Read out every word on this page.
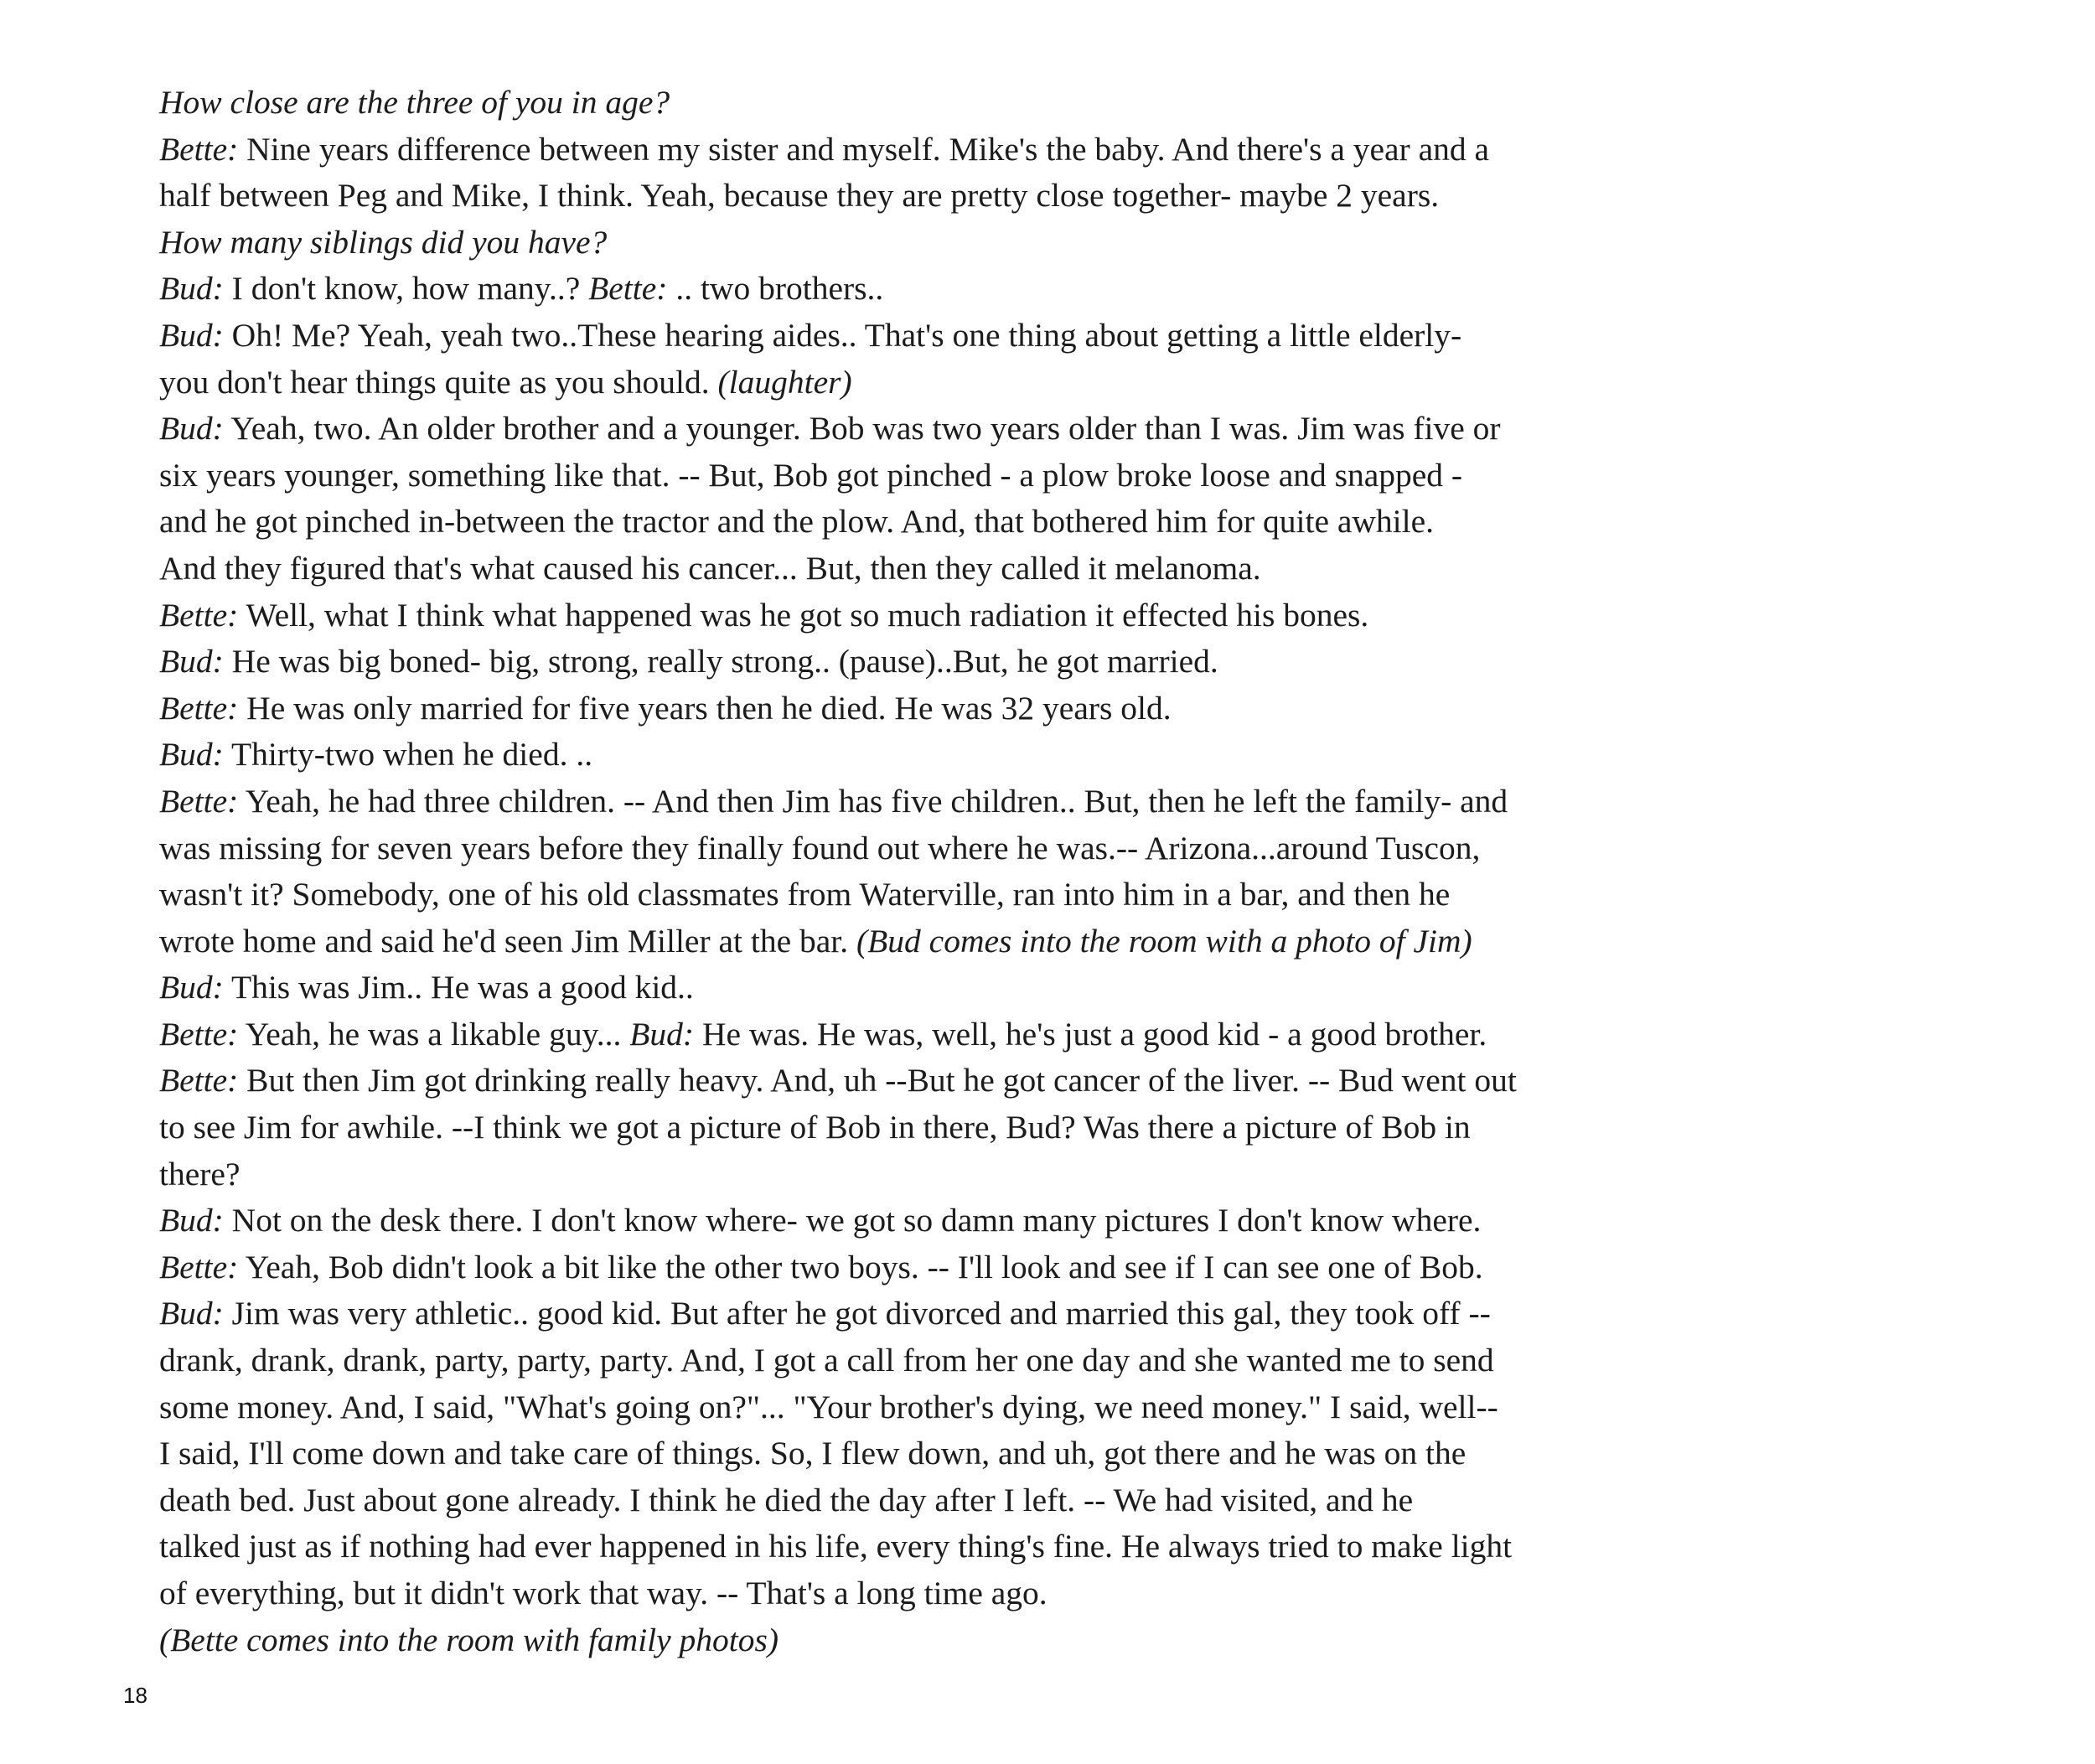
How close are the three of you in age?
Bette: Nine years difference between my sister and myself. Mike's the baby. And there's a year and a
half between Peg and Mike, I think. Yeah, because they are pretty close together- maybe 2 years.
How many siblings did you have?
Bud: I don't know, how many..? Bette: .. two brothers..
Bud: Oh! Me? Yeah, yeah two..These hearing aides.. That's one thing about getting a little elderly-
you don't hear things quite as you should. (laughter)
Bud: Yeah, two. An older brother and a younger. Bob was two years older than I was. Jim was five or
six years younger, something like that. -- But, Bob got pinched - a plow broke loose and snapped -
and he got pinched in-between the tractor and the plow. And, that bothered him for quite awhile.
And they figured that's what caused his cancer... But, then they called it melanoma.
Bette: Well, what I think what happened was he got so much radiation it effected his bones.
Bud: He was big boned- big, strong, really strong.. (pause)..But, he got married.
Bette: He was only married for five years then he died. He was 32 years old.
Bud: Thirty-two when he died. ..
Bette: Yeah, he had three children. -- And then Jim has five children.. But, then he left the family- and
was missing for seven years before they finally found out where he was.-- Arizona...around Tuscon,
wasn't it? Somebody, one of his old classmates from Waterville, ran into him in a bar, and then he
wrote home and said he'd seen Jim Miller at the bar. (Bud comes into the room with a photo of Jim)
Bud: This was Jim.. He was a good kid..
Bette: Yeah, he was a likable guy... Bud: He was. He was, well, he's just a good kid - a good brother.
Bette: But then Jim got drinking really heavy. And, uh --But he got cancer of the liver. -- Bud went out
to see Jim for awhile. --I think we got a picture of Bob in there, Bud? Was there a picture of Bob in
there?
Bud: Not on the desk there. I don't know where- we got so damn many pictures I don't know where.
Bette: Yeah, Bob didn't look a bit like the other two boys. -- I'll look and see if I can see one of Bob.
Bud: Jim was very athletic.. good kid. But after he got divorced and married this gal, they took off --
drank, drank, drank, party, party, party. And, I got a call from her one day and she wanted me to send
some money. And, I said, "What's going on?"... "Your brother's dying, we need money." I said, well--
I said, I'll come down and take care of things. So, I flew down, and uh, got there and he was on the
death bed. Just about gone already. I think he died the day after I left. -- We had visited, and he
talked just as if nothing had ever happened in his life, every thing's fine. He always tried to make light
of everything, but it didn't work that way. -- That's a long time ago.
(Bette comes into the room with family photos)
18
